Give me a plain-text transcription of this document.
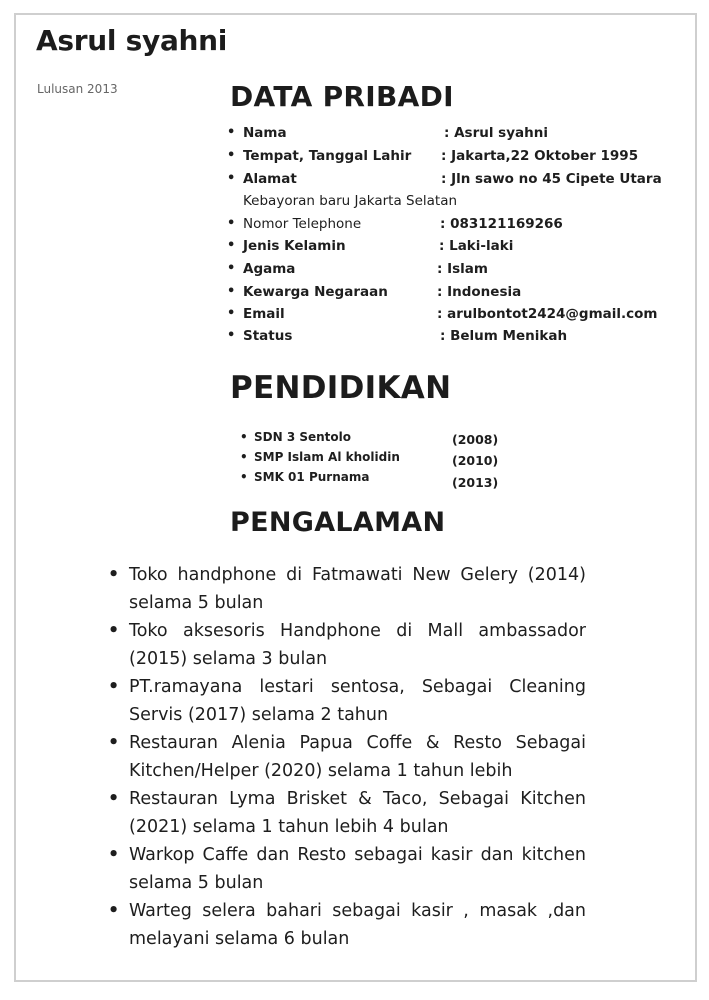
Asrul syahni
Lulusan 2013	DATA PRIBADI
• Nama	: Asrul syahni
• Tempat, Tanggal Lahir : Jakarta,22 Oktober 1995
• Alamat	: Jln sawo no 45 Cipete Utara
Kebayoran baru Jakarta Selatan
• Nomor Telephone	: 083121169266
• Jenis Kelamin	: Laki-laki
• Agama	: Islam
• Kewarga Negaraan	: Indonesia
• Email	: arulbontot2424@gmail.com
• Status	: Belum Menikah
PENDIDIKAN
• SDN 3 Sentolo	(2008)
• SMP Islam Al kholidin	(2010)
• SMK 01 Purnama	(2013)
PENGALAMAN
• Toko handphone di Fatmawati New Gelery (2014) selama 5 bulan
• Toko aksesoris Handphone di Mall ambassador (2015) selama 3 bulan
• PT.ramayana lestari sentosa, Sebagai Cleaning Servis (2017) selama 2 tahun
• Restauran Alenia Papua Coffe & Resto Sebagai Kitchen/Helper (2020) selama 1 tahun lebih
• Restauran Lyma Brisket & Taco, Sebagai Kitchen (2021) selama 1 tahun lebih 4 bulan
• Warkop Caffe dan Resto sebagai kasir dan kitchen selama 5 bulan
• Warteg selera bahari sebagai kasir , masak ,dan melayani selama 6 bulan
